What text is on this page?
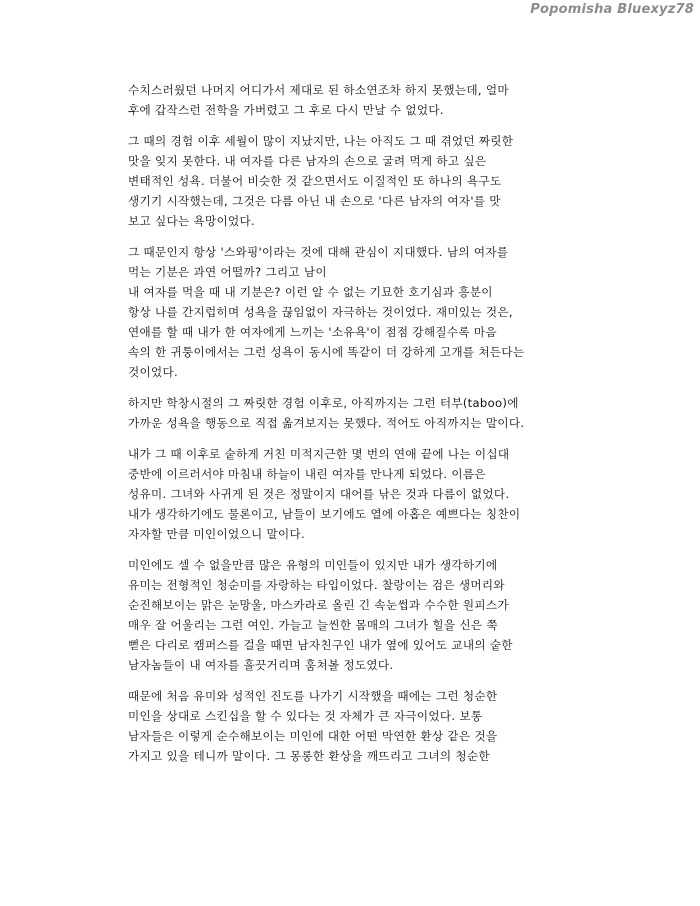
Popomisha Bluexyz78
수치스러웠던 나머지 어디가서 제대로 된 하소연조차 하지 못했는데, 얼마
후에 갑작스런 전학을 가버렸고 그 후로 다시 만날 수 없었다.
그 때의 경험 이후 세월이 많이 지났지만, 나는 아직도 그 때 겪었던 짜릿한
맛을 잊지 못한다. 내 여자를 다른 남자의 손으로 굴려 먹게 하고 싶은
변태적인 성욕. 더불어 비슷한 것 같으면서도 이질적인 또 하나의 욕구도
생기기 시작했는데, 그것은 다름 아닌 내 손으로 '다른 남자의 여자'를 맛
보고 싶다는 욕망이었다.
그 때문인지 항상 '스와핑'이라는 것에 대해 관심이 지대했다. 남의 여자를
먹는 기분은 과연 어떨까? 그리고 남이
내 여자를 먹을 때 내 기분은? 이런 알 수 없는 기묘한 호기심과 흥분이
항상 나를 간지럽히며 성욕을 끊임없이 자극하는 것이었다. 재미있는 것은,
연애를 할 때 내가 한 여자에게 느끼는 '소유욕'이 점점 강해질수록 마음
속의 한 귀퉁이에서는 그런 성욕이 동시에 똑같이 더 강하게 고개를 쳐든다는
것이었다.
하지만 학창시절의 그 짜릿한 경험 이후로, 아직까지는 그런 터부(taboo)에
가까운 성욕을 행동으로 직접 옮겨보지는 못했다. 적어도 아직까지는 말이다.
내가 그 때 이후로 숱하게 거친 미적지근한 몇 번의 연애 끝에 나는 이십대
중반에 이르러서야 마침내 하늘이 내린 여자를 만나게 되었다. 이름은
성유미. 그녀와 사귀게 된 것은 정말이지 대어를 낚은 것과 다름이 없었다.
내가 생각하기에도 물론이고, 남들이 보기에도 열에 아홉은 예쁘다는 칭찬이
자자할 만큼 미인이었으니 말이다.
미인에도 셀 수 없을만큼 많은 유형의 미인들이 있지만 내가 생각하기에
유미는 전형적인 청순미를 자랑하는 타입이었다. 찰랑이는 검은 생머리와
순진해보이는 맑은 눈망울, 마스카라로 올린 긴 속눈썹과 수수한 원피스가
매우 잘 어울리는 그런 여인. 가늘고 늘씬한 몸매의 그녀가 힐을 신은 쭉
뻗은 다리로 캠퍼스를 걸을 때면 남자친구인 내가 옆에 있어도 교내의 숱한
남자놈들이 내 여자를 흘끗거리며 훔쳐볼 정도였다.
때문에 처음 유미와 성적인 진도를 나가기 시작했을 때에는 그런 청순한
미인을 상대로 스킨십을 할 수 있다는 것 자체가 큰 자극이었다. 보통
남자들은 이렇게 순수해보이는 미인에 대한 어떤 막연한 환상 같은 것을
가지고 있을 테니까 말이다. 그 몽롱한 환상을 깨뜨리고 그녀의 청순한
